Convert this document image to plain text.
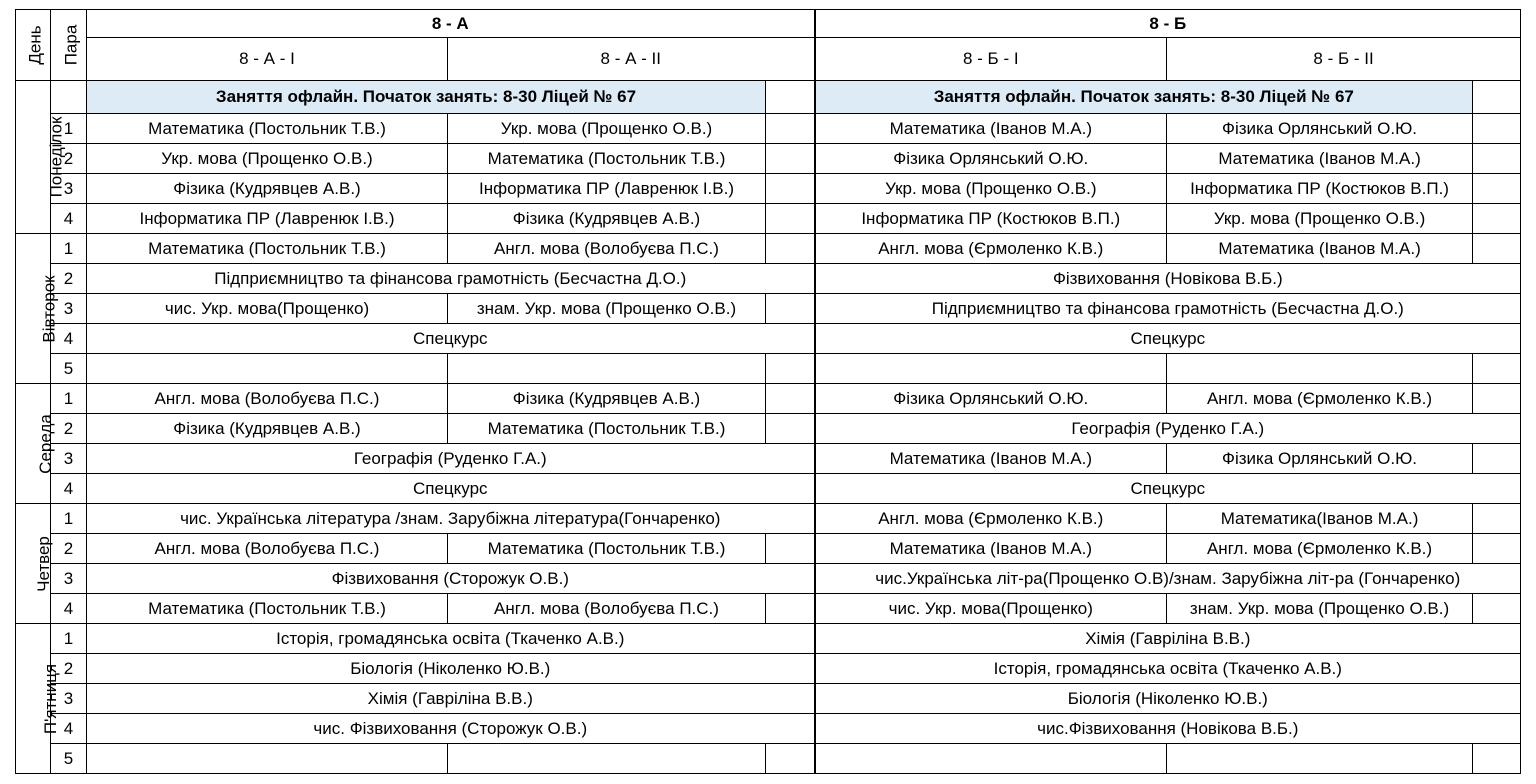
День	Пара	8 - А			8 - Б		
		8 - А - І	8 - А - ІІ		8 - Б - І	8 - Б - ІІ	
Понеділок		Заняття офлайн. Початок занять: 8-30 Ліцей № 67			Заняття офлайн. Початок занять: 8-30 Ліцей № 67		
	1	Математика (Постольник Т.В.)	Укр. мова (Прощенко О.В.)		Математика (Іванов М.А.)	Фізика Орлянський О.Ю.	
	2	Укр. мова (Прощенко О.В.)	Математика (Постольник Т.В.)		Фізика Орлянський О.Ю.	Математика (Іванов М.А.)	
	3	Фізика (Кудрявцев А.В.)	Інформатика ПР (Лавренюк І.В.)		Укр. мова (Прощенко О.В.)	Інформатика ПР (Костюков В.П.)	
	4	Інформатика ПР (Лавренюк І.В.)	Фізика (Кудрявцев А.В.)		Інформатика ПР (Костюков В.П.)	Укр. мова (Прощенко О.В.)	
Вівторок	1	Математика (Постольник Т.В.)	Англ. мова (Волобуєва П.С.)		Англ. мова (Єрмоленко К.В.)	Математика (Іванов М.А.)	
	2	Підприємництво та фінансова грамотність (Бесчастна Д.О.)			Фізвиховання (Новікова В.Б.)		
	3	чис. Укр. мова(Прощенко)	знам. Укр. мова (Прощенко О.В.)		Підприємництво та фінансова грамотність (Бесчастна Д.О.)		
	4	Спецкурс			Спецкурс		
	5						
Середа	1	Англ. мова (Волобуєва П.С.)	Фізика (Кудрявцев А.В.)		Фізика Орлянський О.Ю.	Англ. мова (Єрмоленко К.В.)	
	2	Фізика (Кудрявцев А.В.)	Математика (Постольник Т.В.)		Географія (Руденко Г.А.)		
	3	Географія (Руденко Г.А.)			Математика (Іванов М.А.)	Фізика Орлянський О.Ю.	
	4	Спецкурс			Спецкурс		
Четвер	1	чис. Українська література /знам. Зарубіжна література(Гончаренко)			Англ. мова (Єрмоленко К.В.)	Математика(Іванов М.А.)	
	2	Англ. мова (Волобуєва П.С.)	Математика (Постольник Т.В.)		Математика (Іванов М.А.)	Англ. мова (Єрмоленко К.В.)	
	3	Фізвиховання (Сторожук О.В.)			чис.Українська літ-ра(Прощенко О.В)/знам. Зарубіжна літ-ра (Гончаренко)		
	4	Математика (Постольник Т.В.)	Англ. мова (Волобуєва П.С.)		чис. Укр. мова(Прощенко)	знам. Укр. мова (Прощенко О.В.)	
П'ятниця	1	Історія, громадянська освіта (Ткаченко А.В.)			Хімія (Гавріліна В.В.)		
	2	Біологія (Ніколенко Ю.В.)			Історія, громадянська освіта (Ткаченко А.В.)		
	3	Хімія (Гавріліна В.В.)			Біологія (Ніколенко Ю.В.)		
	4	чис. Фізвиховання (Сторожук О.В.)			чис.Фізвиховання (Новікова В.Б.)		
	5						
